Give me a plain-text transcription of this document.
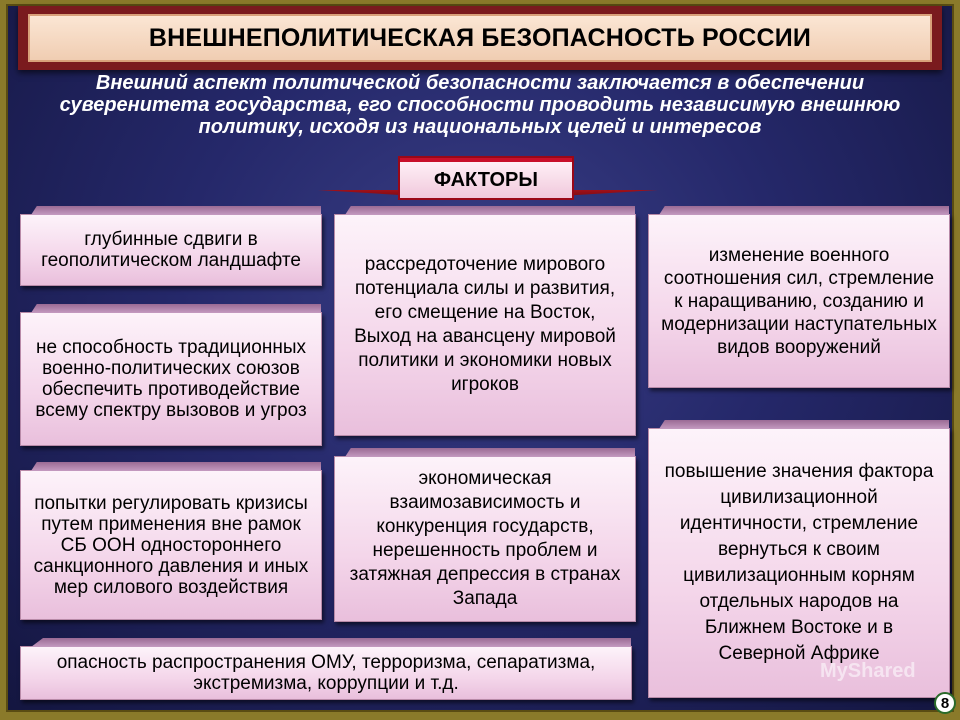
ВНЕШНЕПОЛИТИЧЕСКАЯ БЕЗОПАСНОСТЬ РОССИИ
Внешний аспект политической безопасности заключается в обеспечении суверенитета государства, его способности проводить независимую внешнюю политику, исходя из национальных целей и интересов
ФАКТОРЫ
глубинные сдвиги в геополитическом ландшафте
не способность традиционных военно-политических союзов обеспечить противодействие всему спектру вызовов и угроз
попытки регулировать кризисы путем применения вне рамок СБ ООН одностороннего санкционного давления и иных мер силового воздействия
опасность распространения ОМУ, терроризма, сепаратизма, экстремизма, коррупции и т.д.
рассредоточение мирового потенциала силы и развития, его смещение на Восток, Выход на авансцену мировой политики и экономики новых игроков
экономическая взаимозависимость и конкуренция государств, нерешенность проблем и затяжная депрессия в странах Запада
изменение военного соотношения сил, стремление к наращиванию, созданию и модернизации наступательных видов вооружений
повышение значения фактора цивилизационной идентичности, стремление вернуться к своим цивилизационным корням отдельных народов на Ближнем Востоке и в Северной Африке
MyShared
8
